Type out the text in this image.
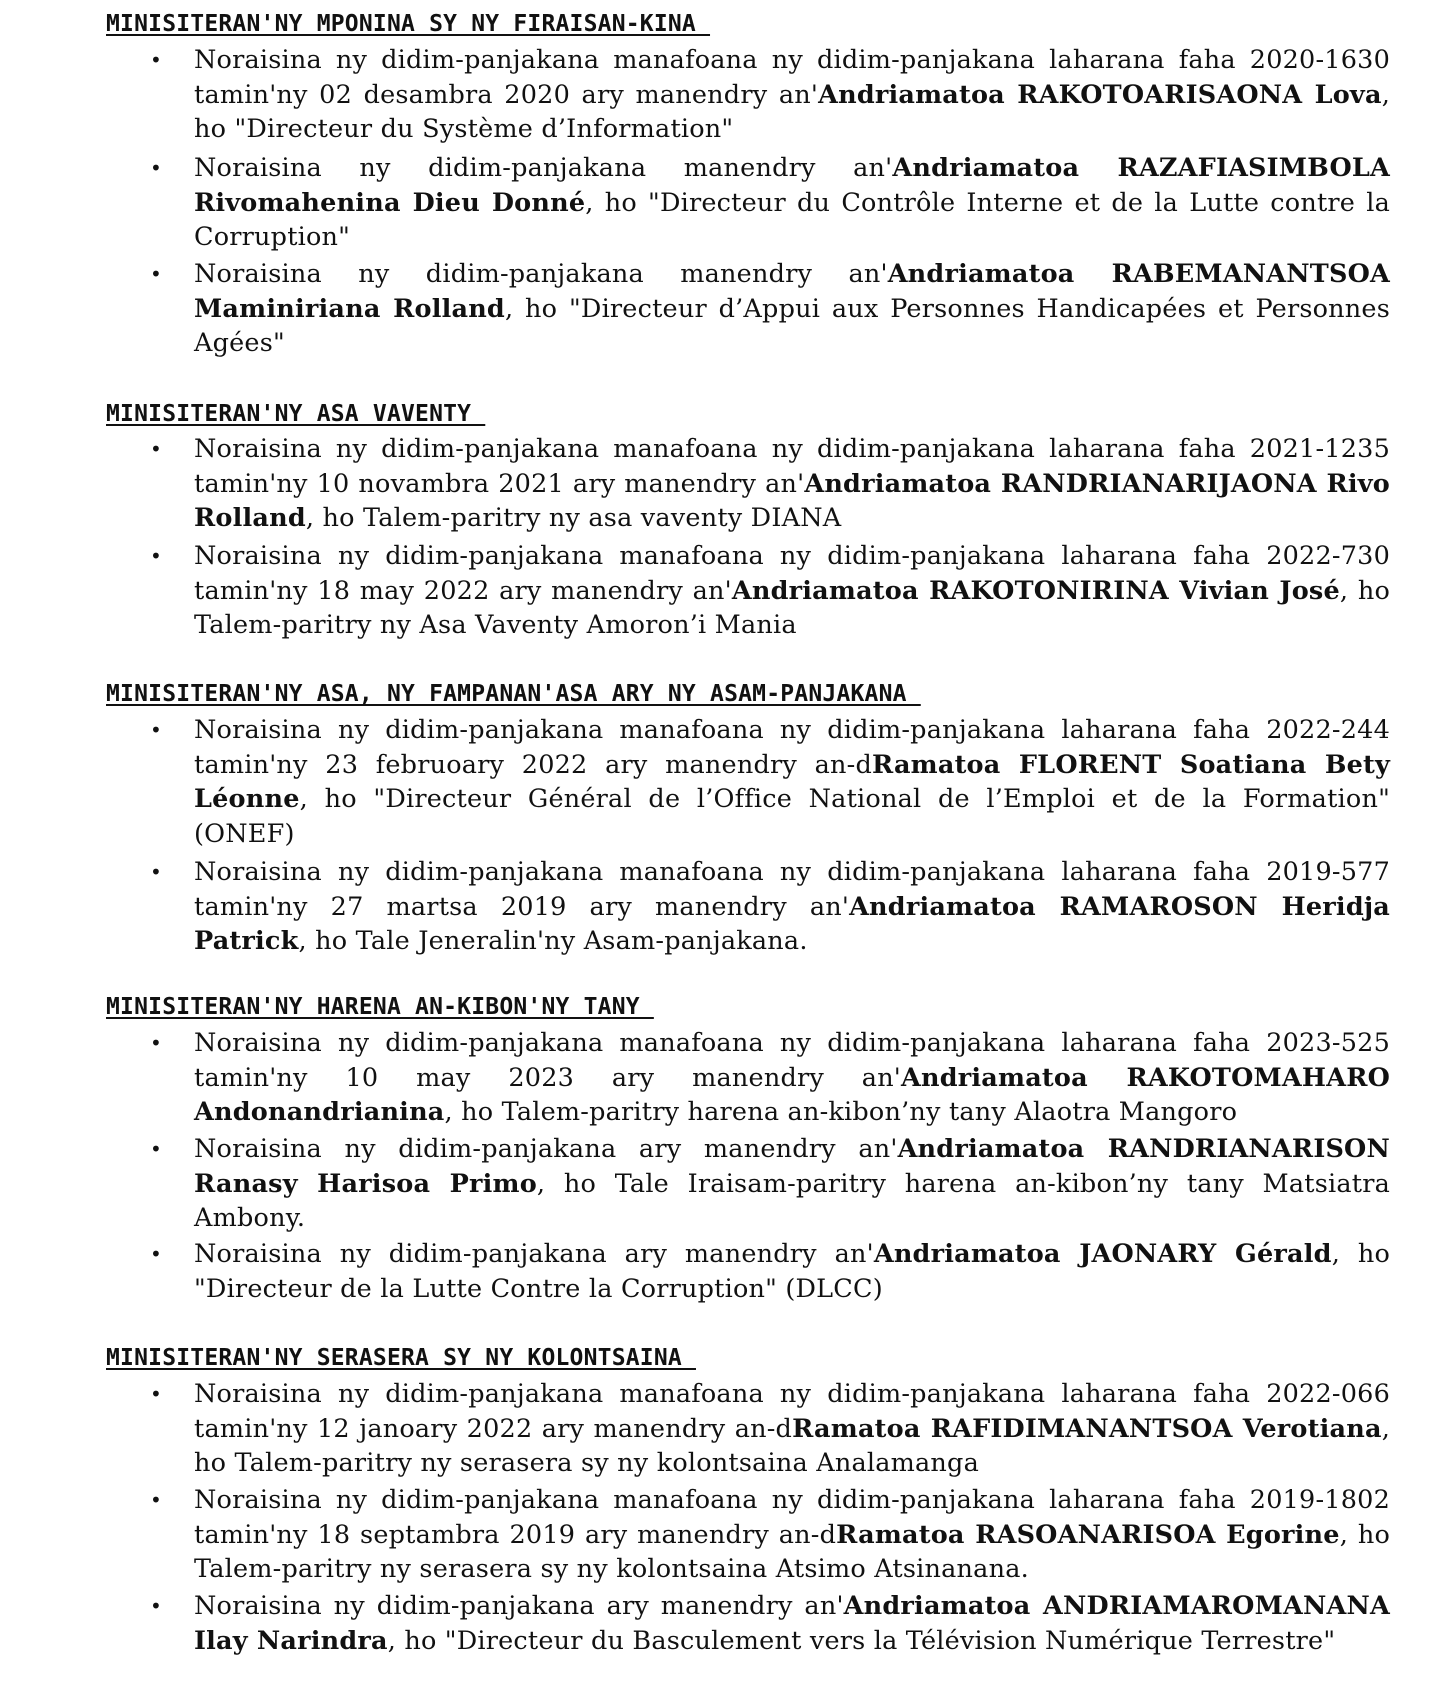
MINISITERAN'NY MPONINA SY NY FIRAISAN-KINA
• Noraisina ny didim-panjakana manafoana ny didim-panjakana laharana faha 2020-1630 tamin'ny 02 desambra 2020 ary manendry an'Andriamatoa RAKOTOARISAONA Lova, ho "Directeur du Système d’Information"
• Noraisina ny didim-panjakana manendry an'Andriamatoa RAZAFIASIMBOLA Rivomahenina Dieu Donné, ho "Directeur du Contrôle Interne et de la Lutte contre la Corruption"
• Noraisina ny didim-panjakana manendry an'Andriamatoa RABEMANANTSOA Maminiriana Rolland, ho "Directeur d’Appui aux Personnes Handicapées et Personnes Agées"
MINISITERAN'NY ASA VAVENTY
• Noraisina ny didim-panjakana manafoana ny didim-panjakana laharana faha 2021-1235 tamin'ny 10 novambra 2021 ary manendry an'Andriamatoa RANDRIANARIJAONA Rivo Rolland, ho Talem-paritry ny asa vaventy DIANA
• Noraisina ny didim-panjakana manafoana ny didim-panjakana laharana faha 2022-730 tamin'ny 18 may 2022 ary manendry an'Andriamatoa RAKOTONIRINA Vivian José, ho Talem-paritry ny Asa Vaventy Amoron’i Mania
MINISITERAN'NY ASA, NY FAMPANAN'ASA ARY NY ASAM-PANJAKANA
• Noraisina ny didim-panjakana manafoana ny didim-panjakana laharana faha 2022-244 tamin'ny 23 februoary 2022 ary manendry an-dRamatoa FLORENT Soatiana Bety Léonne, ho "Directeur Général de l’Office National de l’Emploi et de la Formation"(ONEF)
• Noraisina ny didim-panjakana manafoana ny didim-panjakana laharana faha 2019-577 tamin'ny 27 martsa 2019 ary manendry an'Andriamatoa RAMAROSON Heridja Patrick, ho Tale Jeneralin'ny Asam-panjakana.
MINISITERAN'NY HARENA AN-KIBON'NY TANY
• Noraisina ny didim-panjakana manafoana ny didim-panjakana laharana faha 2023-525 tamin'ny 10 may 2023 ary manendry an'Andriamatoa RAKOTOMAHARO Andonandrianina, ho Talem-paritry harena an-kibon’ny tany Alaotra Mangoro
• Noraisina ny didim-panjakana ary manendry an'Andriamatoa RANDRIANARISON Ranasy Harisoa Primo, ho Tale Iraisam-paritry harena an-kibon’ny tany Matsiatra Ambony.
• Noraisina ny didim-panjakana ary manendry an'Andriamatoa JAONARY Gérald, ho "Directeur de la Lutte Contre la Corruption" (DLCC)
MINISITERAN'NY SERASERA SY NY KOLONTSAINA
• Noraisina ny didim-panjakana manafoana ny didim-panjakana laharana faha 2022-066 tamin'ny 12 janoary 2022 ary manendry an-dRamatoa RAFIDIMANANTSOA Verotiana, ho Talem-paritry ny serasera sy ny kolontsaina Analamanga
• Noraisina ny didim-panjakana manafoana ny didim-panjakana laharana faha 2019-1802 tamin'ny 18 septambra 2019 ary manendry an-dRamatoa RASOANARISOA Egorine, ho Talem-paritry ny serasera sy ny kolontsaina Atsimo Atsinanana.
• Noraisina ny didim-panjakana ary manendry an'Andriamatoa ANDRIAMAROMANANA Ilay Narindra, ho "Directeur du Basculement vers la Télévision Numérique Terrestre"
